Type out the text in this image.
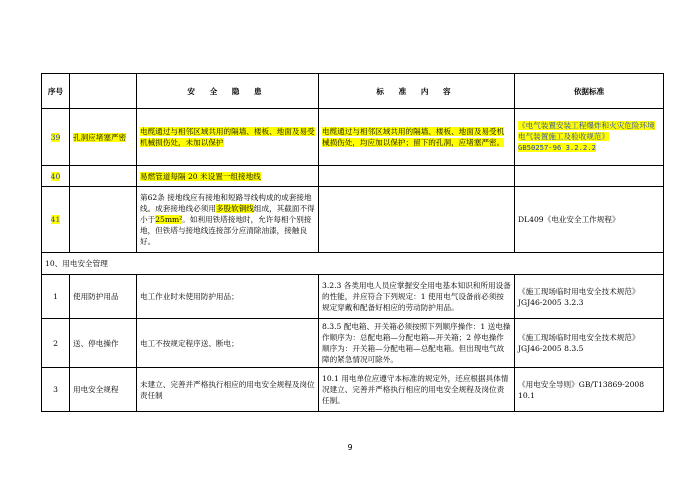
序号		安 全 隐 患	标 准 内 容	依据标准
39	孔洞应堵塞严密	电缆通过与相邻区域共用的隔墙、楼板、地面及易受机械损伤处，未加以保护	电缆通过与相邻区域共用的隔墙、楼板、地面及易受机械损伤处，均应加以保护；留下的孔洞，应堵塞严密。	《电气装置安装工程爆炸和火灾危险环境电气装置施工及验收规范》
GB50257-96 3.2.2.2
40		易燃管道每隔 20 米设置一组接地线		
41		第62条 接地线应有接地和短路导线构成的成套接地线。成套接地线必须用多股软铜线组成，其截面不得小于25mm²。如利用铁塔接地时，允许每相个别接地，但铁塔与接地线连接部分应清除油漆，接触良好。		DL409《电业安全工作规程》
10、用电安全管理				
1	使用防护用品	电工作业时未使用防护用品；	3.2.3 各类用电人员应掌握安全用电基本知识和所用设备的性能，并应符合下列规定：1 使用电气设备前必须按规定穿戴和配备好相应的劳动防护用品。	《施工现场临时用电安全技术规范》JGJ46-2005 3.2.3
2	送、停电操作	电工不按规定程序送、断电；	8.3.5 配电箱、开关箱必须按照下列顺序操作：1 送电操作顺序为：总配电箱—分配电箱—开关箱；2 停电操作顺序为：开关箱—分配电箱—总配电箱。但出现电气故障的紧急情况可除外。	《施工现场临时用电安全技术规范》JGJ46-2005 8.3.5
3	用电安全规程	未建立、完善并严格执行相应的用电安全规程及岗位责任制	10.1 用电单位应遵守本标准的规定外，还应根据具体情况建立、完善并严格执行相应的用电安全规程及岗位责任制。	《用电安全导则》GB/T13869-2008 10.1
9
